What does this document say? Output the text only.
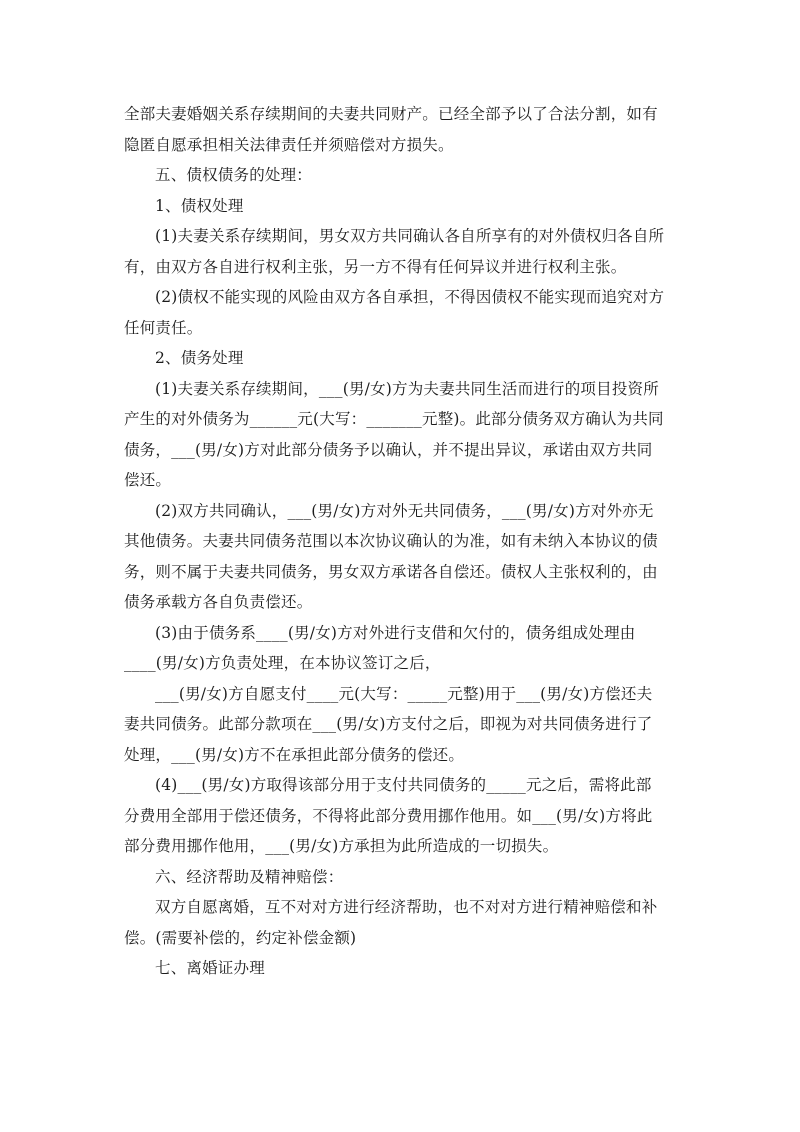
全部夫妻婚姻关系存续期间的夫妻共同财产。已经全部予以了合法分割，如有
隐匿自愿承担相关法律责任并须赔偿对方损失。
五、债权债务的处理：
1、债权处理
(1)夫妻关系存续期间，男女双方共同确认各自所享有的对外债权归各自所
有，由双方各自进行权利主张，另一方不得有任何异议并进行权利主张。
(2)债权不能实现的风险由双方各自承担，不得因债权不能实现而追究对方
任何责任。
2、债务处理
(1)夫妻关系存续期间，___(男/女)方为夫妻共同生活而进行的项目投资所
产生的对外债务为______元(大写：_______元整)。此部分债务双方确认为共同
债务，___(男/女)方对此部分债务予以确认，并不提出异议，承诺由双方共同
偿还。
(2)双方共同确认，___(男/女)方对外无共同债务，___(男/女)方对外亦无
其他债务。夫妻共同债务范围以本次协议确认的为准，如有未纳入本协议的债
务，则不属于夫妻共同债务，男女双方承诺各自偿还。债权人主张权利的，由
债务承载方各自负责偿还。
(3)由于债务系____(男/女)方对外进行支借和欠付的，债务组成处理由
____(男/女)方负责处理，在本协议签订之后，
___(男/女)方自愿支付____元(大写：_____元整)用于___(男/女)方偿还夫
妻共同债务。此部分款项在___(男/女)方支付之后，即视为对共同债务进行了
处理，___(男/女)方不在承担此部分债务的偿还。
(4)___(男/女)方取得该部分用于支付共同债务的_____元之后，需将此部
分费用全部用于偿还债务，不得将此部分费用挪作他用。如___(男/女)方将此
部分费用挪作他用，___(男/女)方承担为此所造成的一切损失。
六、经济帮助及精神赔偿：
双方自愿离婚，互不对对方进行经济帮助，也不对对方进行精神赔偿和补
偿。(需要补偿的，约定补偿金额)
七、离婚证办理
